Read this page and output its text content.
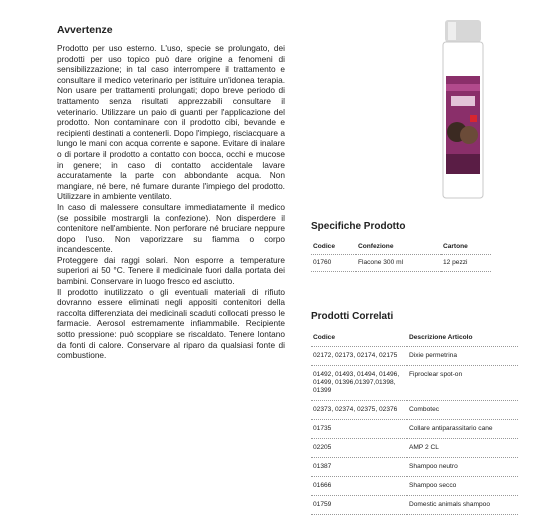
Avvertenze

Prodotto per uso esterno. L'uso, specie se prolungato, dei prodotti per uso topico può dare origine a fenomeni di sensibilizzazione; in tal caso interrompere il trattamento e consultare il medico veterinario per istituire un'idonea terapia. Non usare per trattamenti prolungati; dopo breve periodo di trattamento senza risultati apprezzabili consultare il veterinario. Utilizzare un paio di guanti per l'applicazione del prodotto. Non contaminare con il prodotto cibi, bevande e recipienti destinati a contenerli. Dopo l'impiego, risciacquare a lungo le mani con acqua corrente e sapone. Evitare di inalare o di portare il prodotto a contatto con bocca, occhi e mucose in genere; in caso di contatto accidentale lavare accuratamente la parte con abbondante acqua. Non mangiare, né bere, né fumare durante l'impiego del prodotto. Utilizzare in ambiente ventilato.

In caso di malessere consultare immediatamente il medico (se possibile mostrargli la confezione). Non disperdere il contenitore nell'ambiente. Non perforare né bruciare neppure dopo l'uso. Non vaporizzare su fiamma o corpo incandescente.

Proteggere dai raggi solari. Non esporre a temperature superiori ai 50 °C. Tenere il medicinale fuori dalla portata dei bambini. Conservare in luogo fresco ed asciutto.

Il prodotto inutilizzato o gli eventuali materiali di rifiuto dovranno essere eliminati negli appositi contenitori della raccolta differenziata dei medicinali scaduti collocati presso le farmacie. Aerosol estremamente infiammabile. Recipiente sotto pressione: può scoppiare se riscaldato. Tenere lontano da fonti di calore. Conservare al riparo da qualsiasi fonte di combustione.

Specifiche Prodotto
Codice	Confezione	Cartone
01760	Flacone 300 ml	12 pezzi
Prodotti Correlati
Codice	Descrizione Articolo
02172, 02173, 02174, 02175	Dixie permetrina
01492, 01493, 01494, 01496, 01499, 01396,01397,01398, 01399	Fiproclear spot-on
02373, 02374, 02375, 02376	Combotec
01735	Collare antiparassitario cane
02205	AMP 2 CL
01387	Shampoo neutro
01666	Shampoo secco
01759	Domestic animals shampoo
